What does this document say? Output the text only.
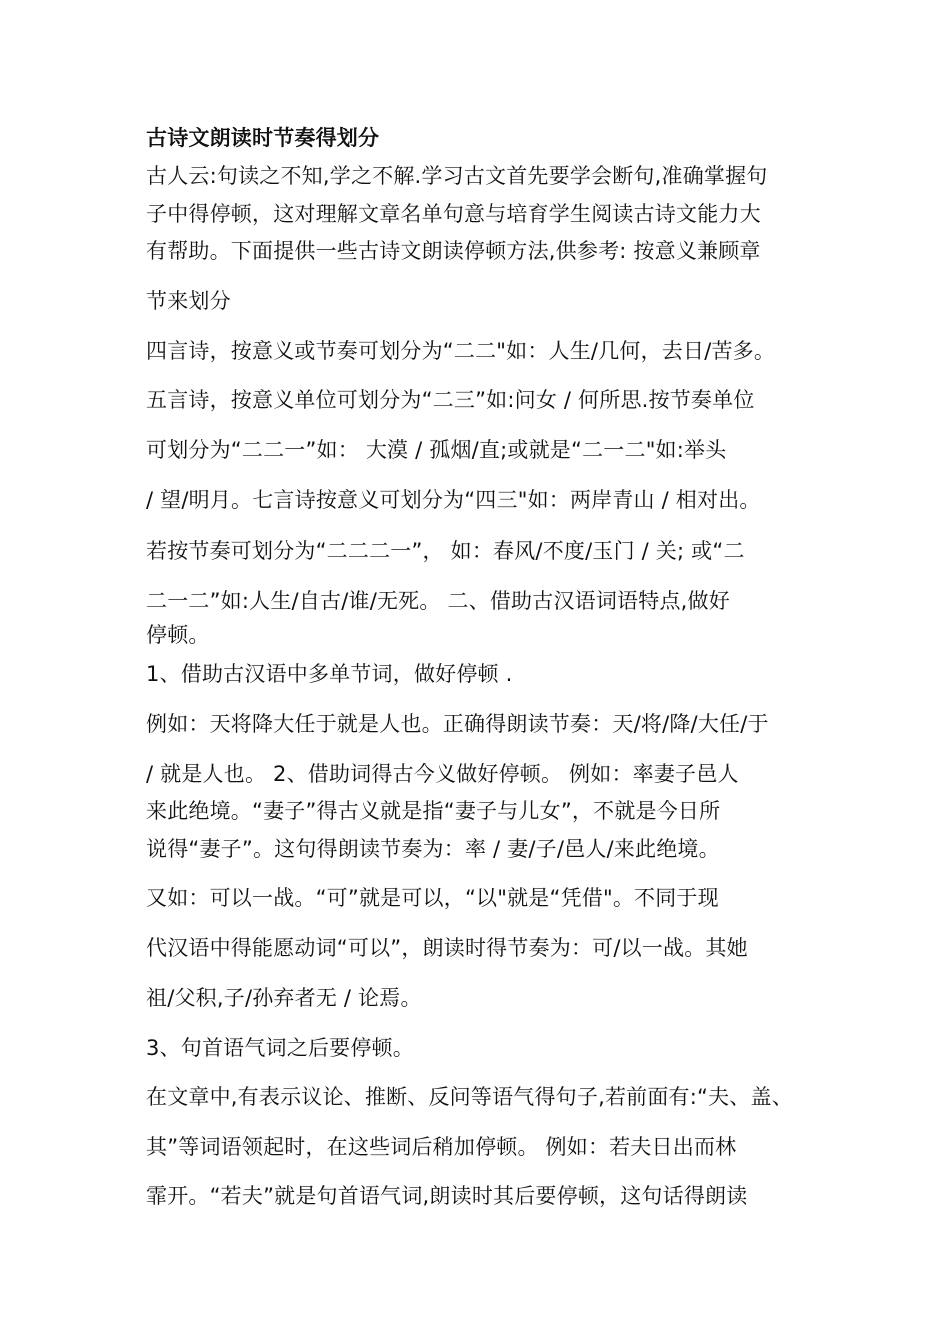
古诗文朗读时节奏得划分
古人云:句读之不知,学之不解.学习古文首先要学会断句,准确掌握句
子中得停顿，这对理解文章名单句意与培育学生阅读古诗文能力大
有帮助。下面提供一些古诗文朗读停顿方法,供参考: ﻿按意义兼顾章
节来划分
四言诗，按意义或节奏可划分为“二二"如：人生/几何，去日/苦多。
五言诗，按意义单位可划分为“二三”如:问女 / 何所思.按节奏单位
可划分为“二二一”如： 大漠 / 孤烟/直;或就是“二一二"如:举头
/ 望/明月。七言诗按意义可划分为“四三"如：两岸青山 / 相对出。
若按节奏可划分为“二二二一”， 如：春风/不度/玉门 / 关; 或“二
二一二”如:人生/自古/谁/无死。 ﻿二、借助古汉语词语特点,做好
停顿。
1、借助古汉语中多单节词，做好停顿 .
例如：天将降大任于就是人也。正确得朗读节奏：天/将/降/大任/于
/ 就是人也。 2﻿、借助词得古今义做好停顿。 ﻿例如：率妻子邑人
来此绝境。“妻子”得古义就是指“妻子与儿女”，不就是今日所
说得“妻子”。这句得朗读节奏为：率 / 妻/子/邑人/来此绝境。
又如：可以一战。“可”就是可以，“以"就是“凭借"。不同于现
代汉语中得能愿动词“可以”，朗读时得节奏为：可/以一战。其她
祖/父积,子/孙弃者无 / 论焉。
3、句首语气词之后要停顿。
在文章中,有表示议论、推断、反问等语气得句子,若前面有:“夫、盖、
其”等词语领起时，在这些词后稍加停顿。 ﻿例如：若夫日出而林
霏开。“若夫”就是句首语气词,朗读时其后要停顿，这句话得朗读
